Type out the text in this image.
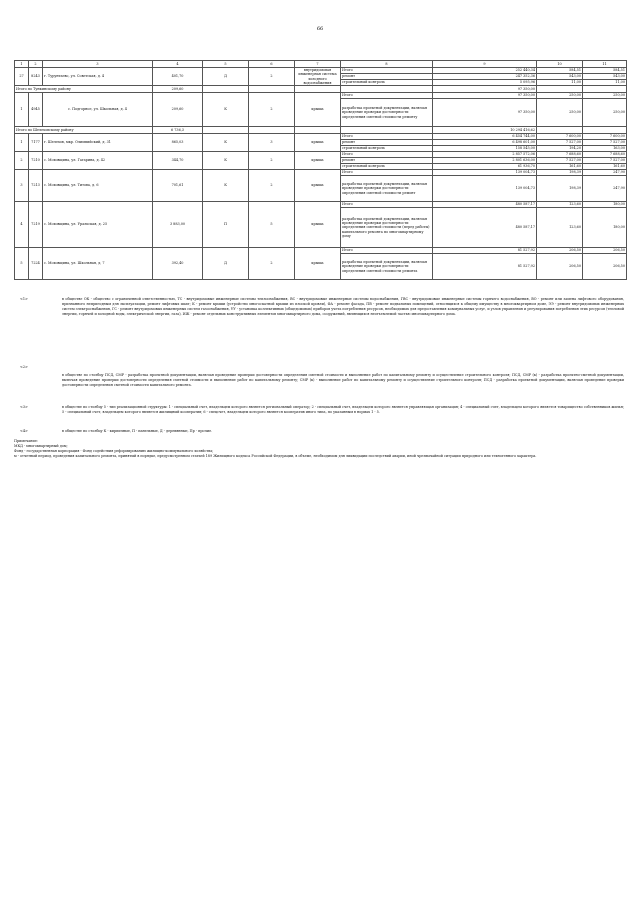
66
1	2	3	4	5	6	7	8	9	10	11
27	8243	г. Турунтаево, ул. Советская, д. 4	401,70	Д	2	внутридомовая инженерная система холодного водоснабжения	Итого	252 440,34	584,51	584,51
							ремонт	247 352,36	543,00	543,00
							строительный контроль	5 095,96	11,00	11,00
Итого по Тункинскому району			209,60					97 350,00		
1	4945	с. Подгорное, ул. Школьная, д. 4	209,60	К	2	крыша	Итого	97 350,00	250,00	250,00
							разработка проектной документации, включая проведение проверки достоверности определения сметной стоимости ремонту	97 350,00	250,00	250,00
Итого по Шелеховскому району			6 736,3					10 294 416,62		
1	7177	г. Шелехов, мкр. Олимпийский, д. 31	865,03	К	3	крыша	Итого	6 454 744,00	7 600,00	7 600,00
							ремонт	6 498 601,00	7 527,00	7 527,00
							строительный контроль	158 545,00	194,20	163,00
2	7210	с. Моховщина, ул. Гагарина, д. 42	344,70	К	2	крыша	Итого	2 857 572,06	7 688,60	7 688,60
							ремонт	2 801 636,00	7 527,00	7 527,00
							строительный контроль	61 936,70	161,60	161,60
3	7213	с. Моховщина, ул. Титова, д. 6	701,61	К	2	крыша	Итого	139 004,73	198,39	247,90
							разработка проектной документации, включая проведение проверки достоверности определения сметной стоимости ремонт	139 004,73	198,39	247,90
4	7219	с. Моховщина, ул. Уральская, д. 25	3 883,00	П	5	крыша	Итого	480 587,17	123,60	180,00
							разработка проектной документации, включая проведение проверки достоверности определения сметной стоимости (перед работы) капитального ремонта по многоквартирному дому	480 587,17	123,60	180,00
5	7224	с. Моховщина, ул. Школьная, д. 7	392,40	Д	2	крыша	Итого	81 527,92	206,50	206,50
							разработка проектной документации, включая проведение проверки достоверности определения сметной стоимости ремонта	81 527,92	206,50	206,50
<1>	в обществе ОК - общество с ограниченной ответственностью, ТС - внутридомовые инженерные системы теплоснабжения, ВС - внутридомовые инженерные системы водоснабжения, ГВС - внутридомовые инженерные системы горячего водоснабжения, ВО - ремонт или замена лифтового оборудования, признанного непригодным для эксплуатации, ремонт лифтовых шахт; К - ремонт крыши (устройство многоскатной крыши из плоской кровли), ФА - ремонт фасада, ПВ - ремонт подвальных помещений, относящихся к общему имуществу в многоквартирном доме, ЭЭ - ремонт внутридомовых инженерных систем электроснабжения, ГС - ремонт внутридомовых инженерных систем газоснабжения, УУ - установка коллективных (общедомовых) приборов учета потребления ресурсов, необходимых для предоставления коммунальных услуг, и узлов управления и регулирования потребления этих ресурсов (тепловой энергии, горячей и холодной воды, электрической энергии, газа), ИЖ - ремонт отдельных конструктивных элементов многоквартирного дома, сооружений, являющихся неотъемлемой частью многоквартирного дома.
<2>
в обществе по столбцу ПСД, СМР - разработка проектной документации, включая проведение проверки достоверности определения сметной стоимости и выполнение работ по капитальному ремонту и осуществление строительного контроля; ПСД, СМР (к) - разработка проектно-сметной документации, включая проведение проверки достоверности определения сметной стоимости и выполнение работ по капитальному ремонту; СМР (к) - выполнение работ по капитальному ремонту и осуществление строительного контроля; ПСД - разработка проектной документации, включая проведение проверки достоверности определения сметной стоимости капитального ремонта.
<3>	в обществе по столбцу 5 - тип реализационной структуры: 1 - специальный счет, владельцем которого является региональный оператор; 2 - специальный счет, владельцем которого является управляющая организация; 4 - специальный счет, владельцем которого является товарищество собственников жилья; 5 - специальный счет, владельцем которого является жилищный кооператив; 6 - спецсчет, владельцем которого является кооператив иного типа, по указанным в нормах 1 - 5.
<4>	в обществе по столбцу К - кирпичные, П - панельные, Д - деревянные, Пр - прочие.
Примечание:
МКД - многоквартирный дом;
Фонд - государственная корпорация - Фонд содействия реформированию жилищно-коммунального хозяйства;
м - отчетный период, проведения капитального ремонта, принятый в порядке, предусмотренном статьей 189 Жилищного кодекса Российской Федерации, в объеме, необходимом для ликвидации последствий аварии, иной чрезвычайной ситуации природного или техногенного характера.
